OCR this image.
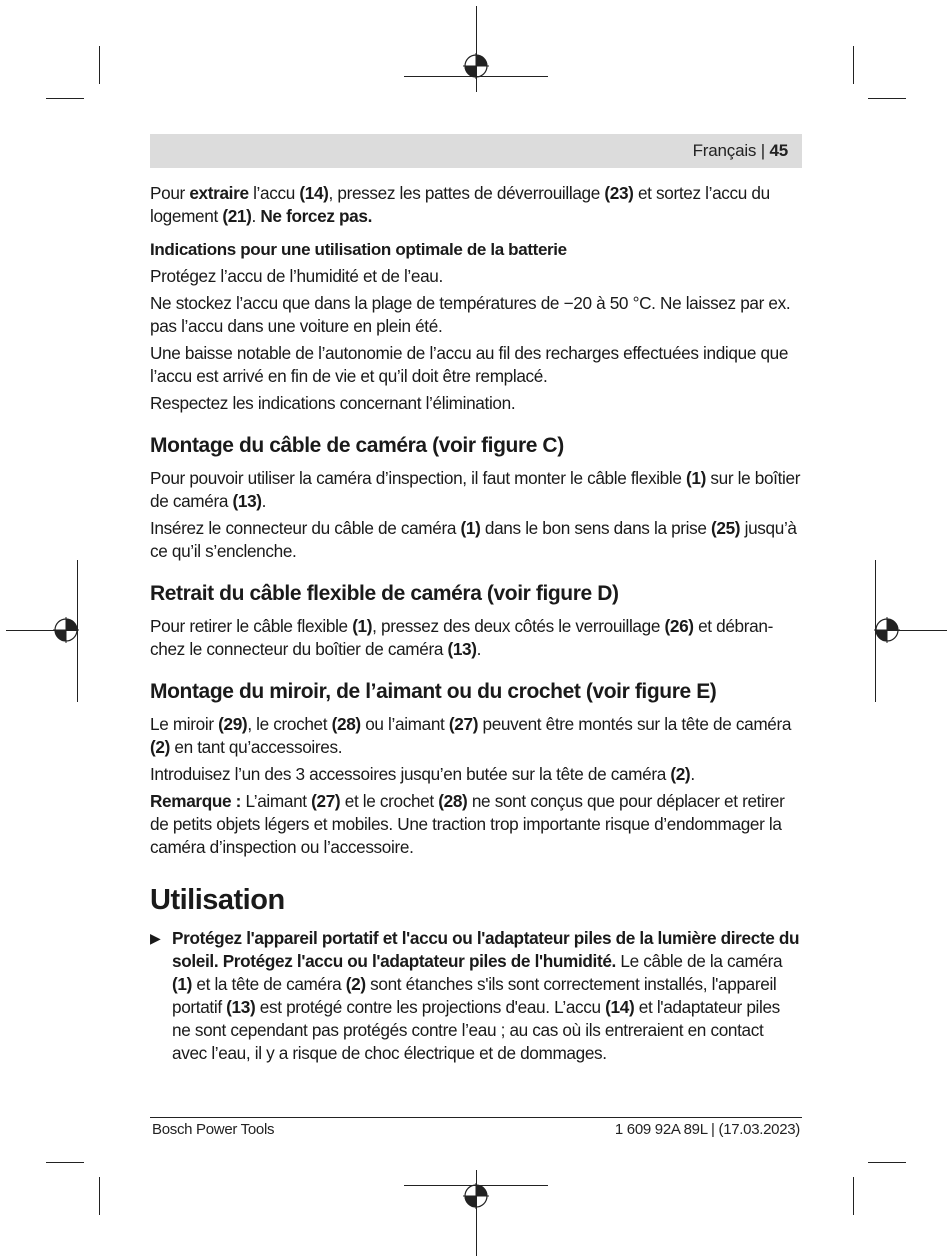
Français | 45

Pour extraire l’accu (14), pressez les pattes de déverrouillage (23) et sortez l’accu du logement (21). Ne forcez pas.

Indications pour une utilisation optimale de la batterie

Protégez l’accu de l’humidité et de l’eau.

Ne stockez l’accu que dans la plage de températures de −20 à 50 °C. Ne laissez par ex. pas l’accu dans une voiture en plein été.

Une baisse notable de l’autonomie de l’accu au fil des recharges effectuées indique que l’accu est arrivé en fin de vie et qu’il doit être remplacé.

Respectez les indications concernant l’élimination.

Montage du câble de caméra (voir figure C)

Pour pouvoir utiliser la caméra d’inspection, il faut monter le câble flexible (1) sur le boîtier de caméra (13).

Insérez le connecteur du câble de caméra (1) dans le bon sens dans la prise (25) jusqu’à ce qu’il s’enclenche.

Retrait du câble flexible de caméra (voir figure D)

Pour retirer le câble flexible (1), pressez des deux côtés le verrouillage (26) et débranchez le connecteur du boîtier de caméra (13).

Montage du miroir, de l’aimant ou du crochet (voir figure E)

Le miroir (29), le crochet (28) ou l’aimant (27) peuvent être montés sur la tête de caméra (2) en tant qu’accessoires.

Introduisez l’un des 3 accessoires jusqu’en butée sur la tête de caméra (2).

Remarque : L’aimant (27) et le crochet (28) ne sont conçus que pour déplacer et retirer de petits objets légers et mobiles. Une traction trop importante risque d’endommager la caméra d’inspection ou l’accessoire.

Utilisation

▶ Protégez l'appareil portatif et l'accu ou l'adaptateur piles de la lumière directe du soleil. Protégez l'accu ou l'adaptateur piles de l'humidité. Le câble de la caméra (1) et la tête de caméra (2) sont étanches s'ils sont correctement installés, l'appareil portatif (13) est protégé contre les projections d'eau. L’accu (14) et l'adaptateur piles ne sont cependant pas protégés contre l’eau ; au cas où ils entreraient en contact avec l’eau, il y a risque de choc électrique et de dommages.

Bosch Power Tools	1 609 92A 89L | (17.03.2023)
